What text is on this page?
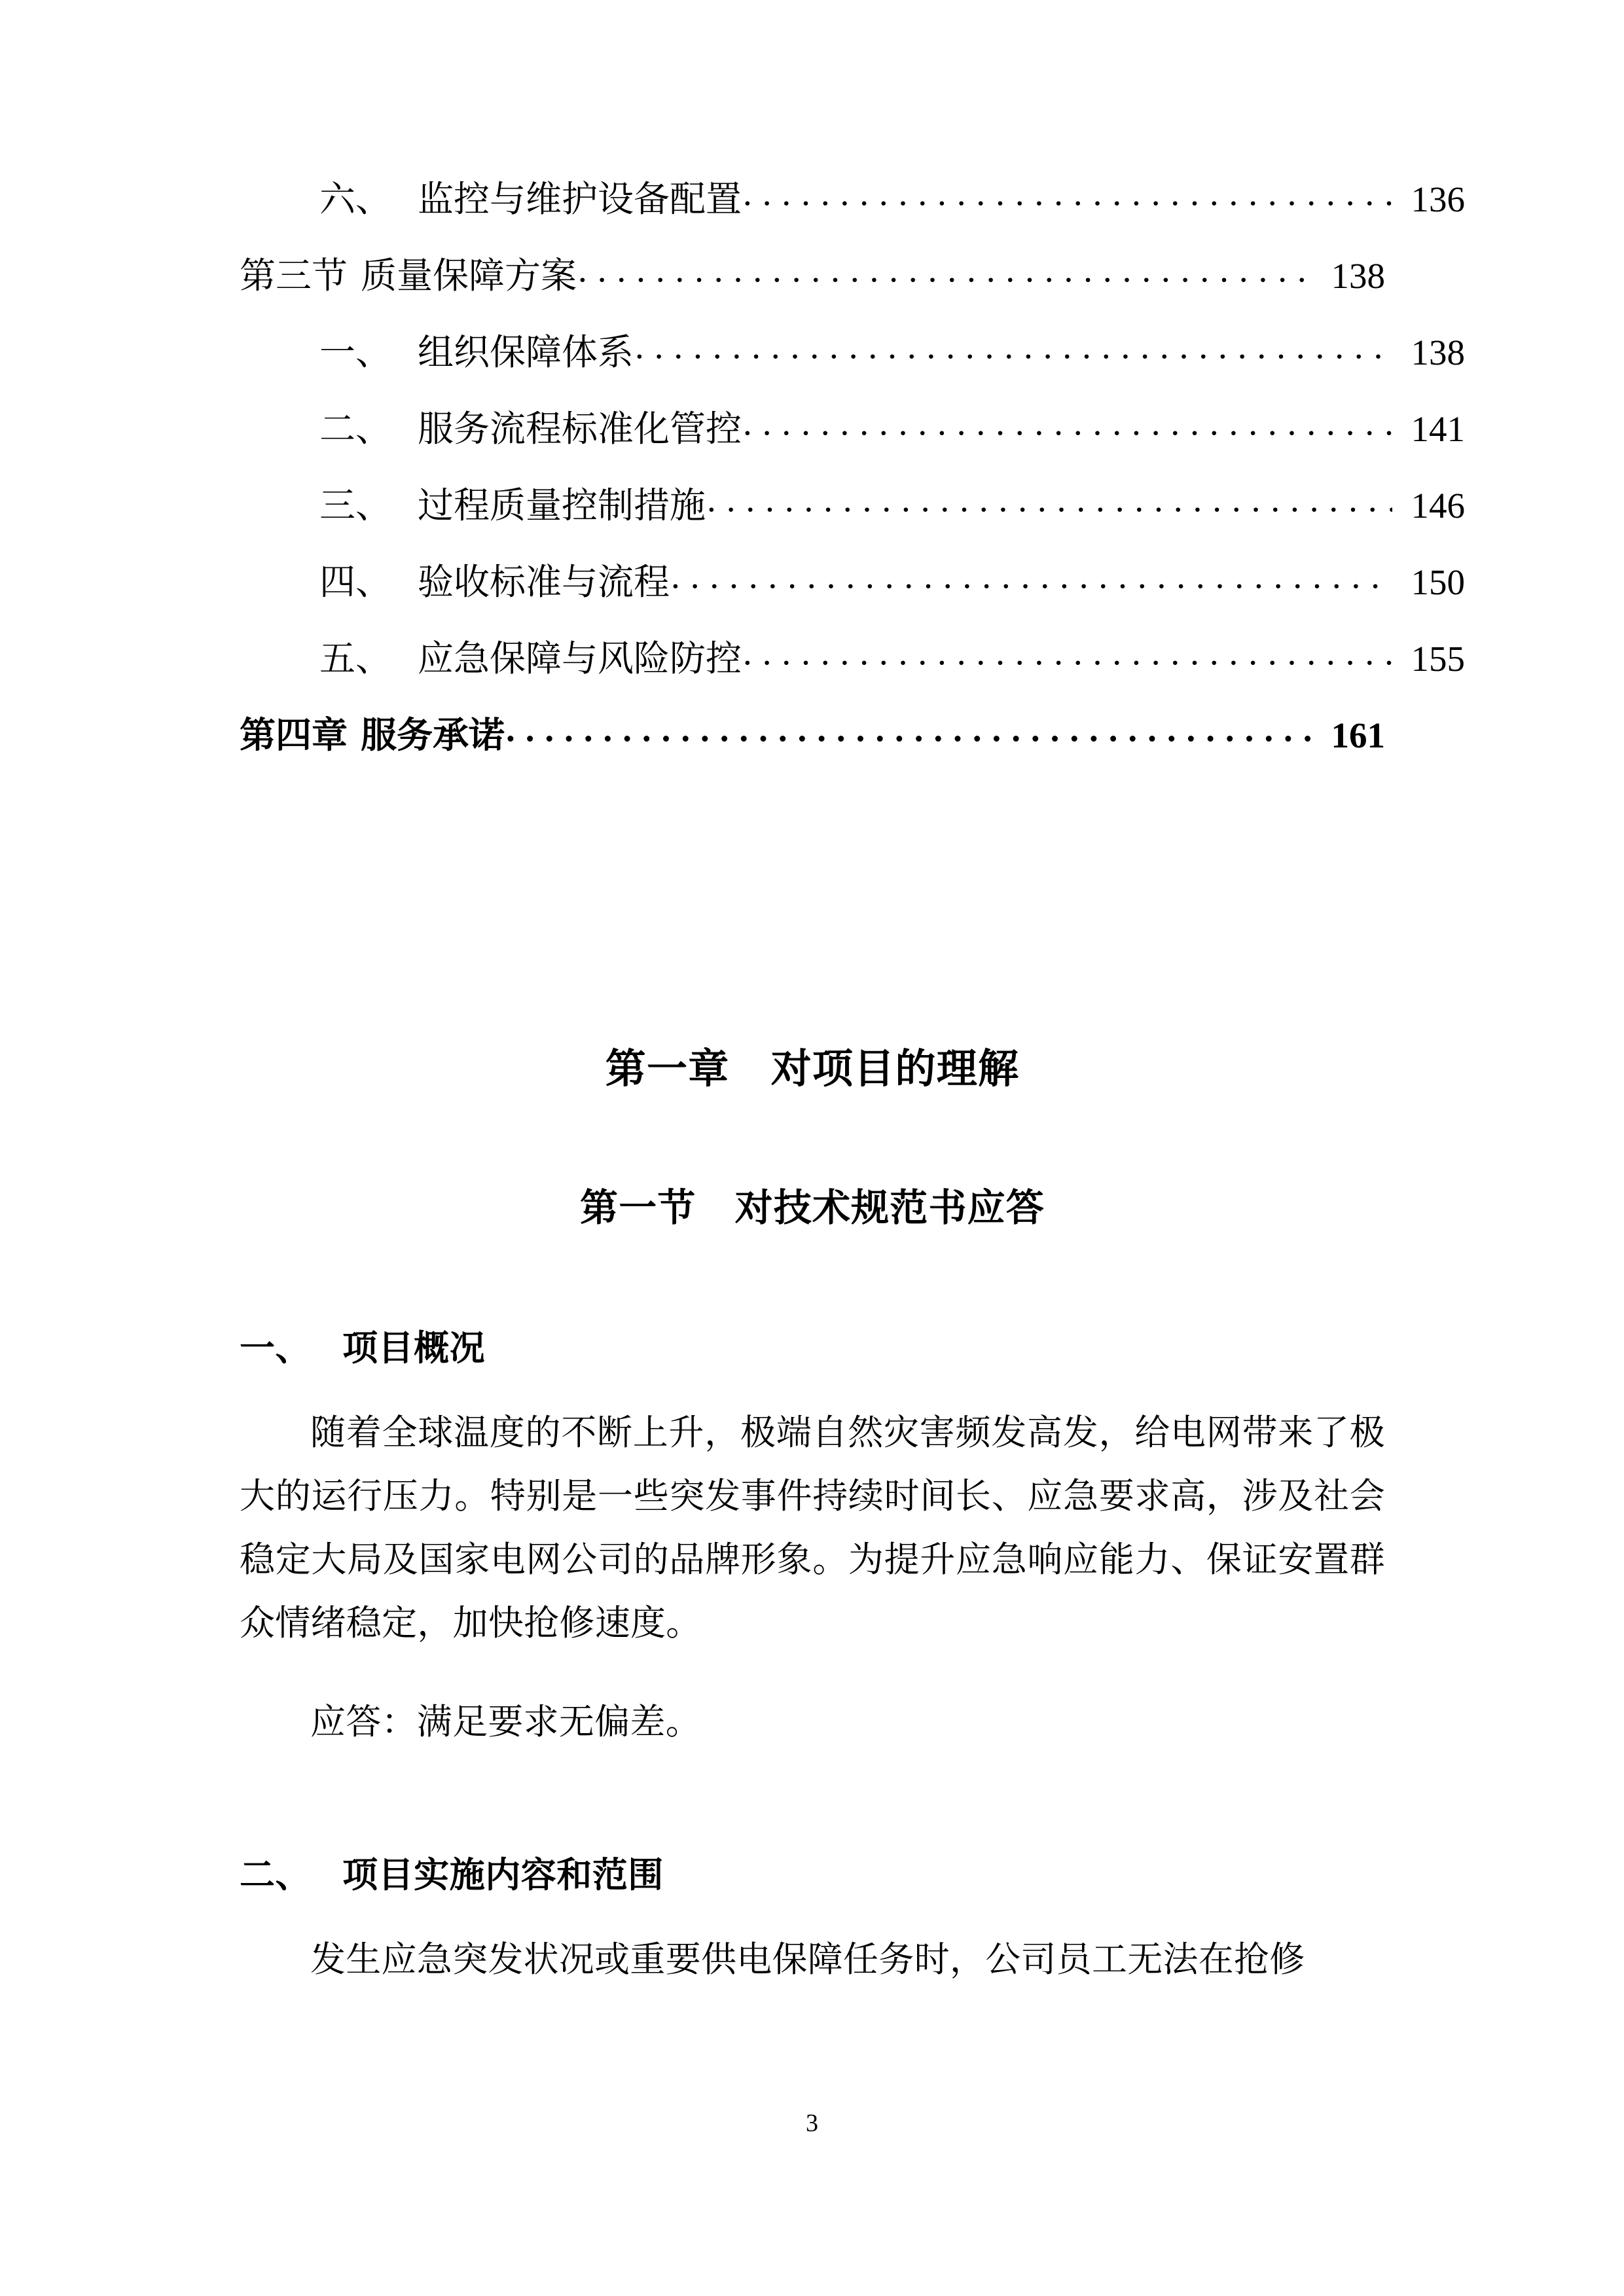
六、 监控与维护设备配置 . . .	136
第三节 质量保障方案 . . .	138
一、 组织保障体系 . . .	138
二、 服务流程标准化管控 . . .	141
三、 过程质量控制措施 . . .	146
四、 验收标准与流程 . . .	150
五、 应急保障与风险防控 . . .	155
第四章 服务承诺 . . .	161
第一章　对项目的理解
第一节　对技术规范书应答
一、 项目概况

随着全球温度的不断上升，极端自然灾害频发高发，给电网带来了极大的运行压力。特别是一些突发事件持续时间长、应急要求高，涉及社会稳定大局及国家电网公司的品牌形象。为提升应急响应能力、保证安置群众情绪稳定，加快抢修速度。

应答：满足要求无偏差。

二、 项目实施内容和范围

发生应急突发状况或重要供电保障任务时，公司员工无法在抢修

3
